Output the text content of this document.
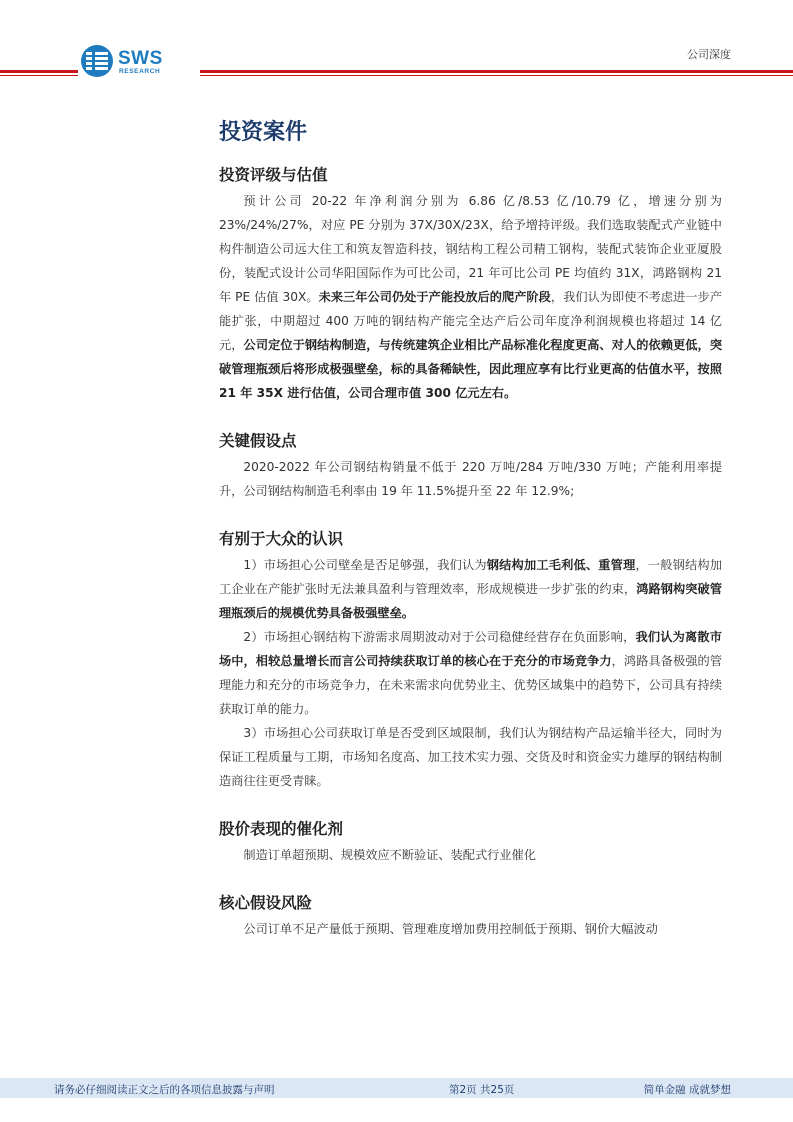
SWS
RESEARCH
公司深度
投资案件
投资评级与估值

预计公司 20-22 年净利润分别为 6.86 亿/8.53 亿/10.79 亿，增速分别为 23%/24%/27%，对应 PE 分别为 37X/30X/23X，给予增持评级。我们选取装配式产业链中构件制造公司远大住工和筑友智造科技，钢结构工程公司精工钢构，装配式装饰企业亚厦股份，装配式设计公司华阳国际作为可比公司，21 年可比公司 PE 均值约 31X，鸿路钢构 21 年 PE 估值 30X。未来三年公司仍处于产能投放后的爬产阶段，我们认为即使不考虑进一步产能扩张，中期超过 400 万吨的钢结构产能完全达产后公司年度净利润规模也将超过 14 亿元，公司定位于钢结构制造，与传统建筑企业相比产品标准化程度更高、对人的依赖更低，突破管理瓶颈后将形成极强壁垒，标的具备稀缺性，因此理应享有比行业更高的估值水平，按照 21 年 35X 进行估值，公司合理市值 300 亿元左右。

关键假设点

2020-2022 年公司钢结构销量不低于 220 万吨/284 万吨/330 万吨；产能利用率提升，公司钢结构制造毛利率由 19 年 11.5%提升至 22 年 12.9%;

有别于大众的认识

1）市场担心公司壁垒是否足够强，我们认为钢结构加工毛利低、重管理，一般钢结构加工企业在产能扩张时无法兼具盈利与管理效率，形成规模进一步扩张的约束，鸿路钢构突破管理瓶颈后的规模优势具备极强壁垒。

2）市场担心钢结构下游需求周期波动对于公司稳健经营存在负面影响，我们认为离散市场中，相较总量增长而言公司持续获取订单的核心在于充分的市场竞争力，鸿路具备极强的管理能力和充分的市场竞争力，在未来需求向优势业主、优势区域集中的趋势下，公司具有持续获取订单的能力。

3）市场担心公司获取订单是否受到区域限制，我们认为钢结构产品运输半径大，同时为保证工程质量与工期，市场知名度高、加工技术实力强、交货及时和资金实力雄厚的钢结构制造商往往更受青睐。

股价表现的催化剂

制造订单超预期、规模效应不断验证、装配式行业催化

核心假设风险

公司订单不足产量低于预期、管理难度增加费用控制低于预期、钢价大幅波动

请务必仔细阅读正文之后的各项信息披露与声明	第2页 共25页	简单金融 成就梦想
